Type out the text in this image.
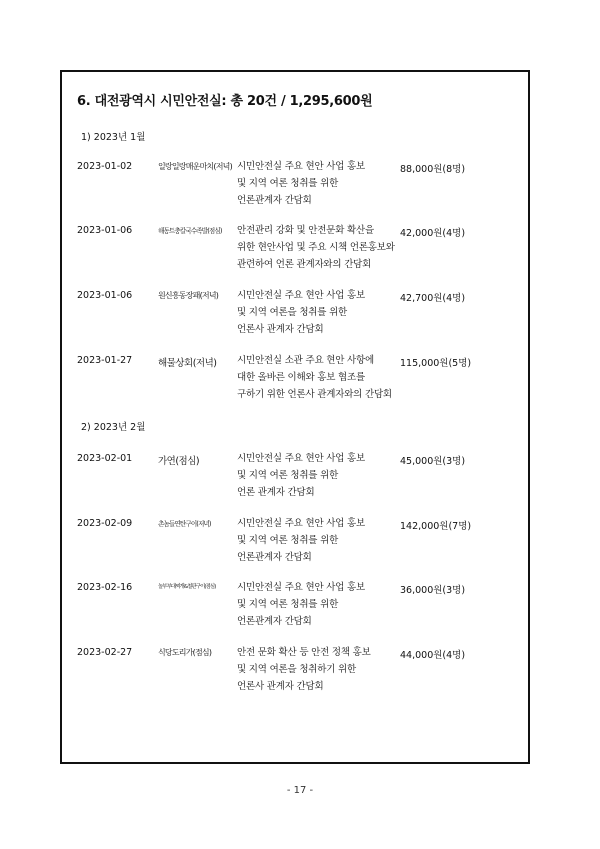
6. 대전광역시 시민안전실: 총 20건 / 1,295,600원
1) 2023년 1월
2023-01-02	일랑일랑매운마치(저녁) 시민안전실 주요 현안 사업 홍보
및 지역 여론 청취를 위한
언론관계자 간담회
88,000원(8명)
2023-01-06	해동트충칼국수족발(점심)	안전관리 강화 및 안전문화 확산을
위한 현안사업 및 주요 시책 언론홍보와
관련하여 언론 관계자와의 간담회
42,000원(4명)
2023-01-06	원신흥동장패(저녁)	시민안전실 주요 현안 사업 홍보
및 지역 여론을 청취를 위한
언론사 관계자 간담회
42,700원(4명)
2023-01-27	해물상회(저녁)	시민안전실 소관 주요 현안 사항에
대한 올바른 이해와 홍보 협조를
구하기 위한 언론사 관계자와의 간담회
115,000원(5명)
2) 2023년 2월
2023-02-01	가연(점심)	시민안전실 주요 현안 사업 홍보
및 지역 여론 청취를 위한
언론 관계자 간담회
45,000원(3명)
2023-02-09	촌놈들연탄구이(저녁)	시민안전실 주요 현안 사업 홍보
및 지역 여론 청취를 위한
언론관계자 간담회
142,000원(7명)
2023-02-16	놀부부대찌개&철판구이(점심)	시민안전실 주요 현안 사업 홍보
및 지역 여론 청취를 위한
언론관계자 간담회
36,000원(3명)
2023-02-27	식당도리가(점심)	안전 문화 확산 등 안전 정책 홍보
및 지역 여론을 청취하기 위한
언론사 관계자 간담회
44,000원(4명)
- 17 -
